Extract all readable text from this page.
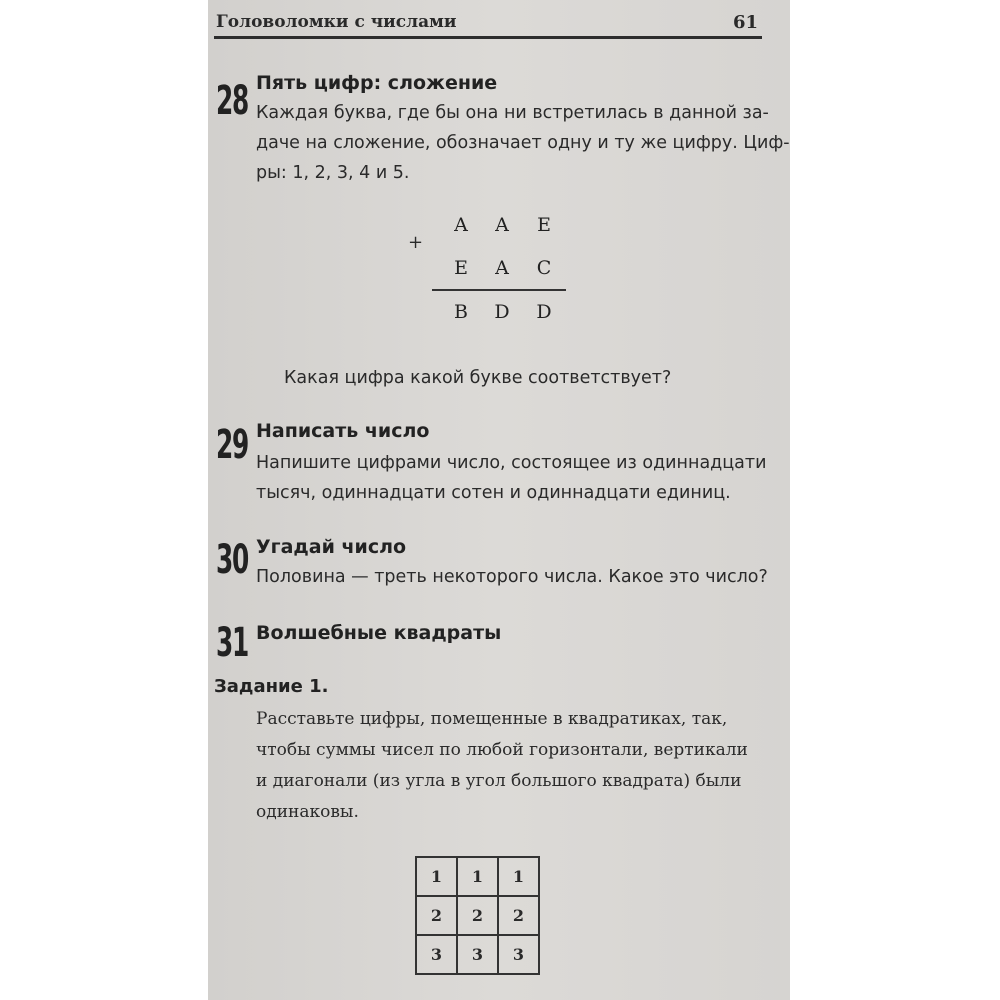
Головоломки с числами	61
28 Пять цифр: сложение
Каждая буква, где бы она ни встретилась в данной за-
даче на сложение, обозначает одну и ту же цифру. Циф-
ры: 1, 2, 3, 4 и 5.
+
A	A	E
E	A	C
B	D	D
Какая цифра какой букве соответствует?
29 Написать число
Напишите цифрами число, состоящее из одиннадцати
тысяч, одиннадцати сотен и одиннадцати единиц.
30 Угадай число
Половина — треть некоторого числа. Какое это число?
31 Волшебные квадраты
Задание 1.
Расставьте цифры, помещенные в квадратиках, так,
чтобы суммы чисел по любой горизонтали, вертикали
и диагонали (из угла в угол большого квадрата) были
одинаковы.
1	1	1
2	2	2
3	3	3
